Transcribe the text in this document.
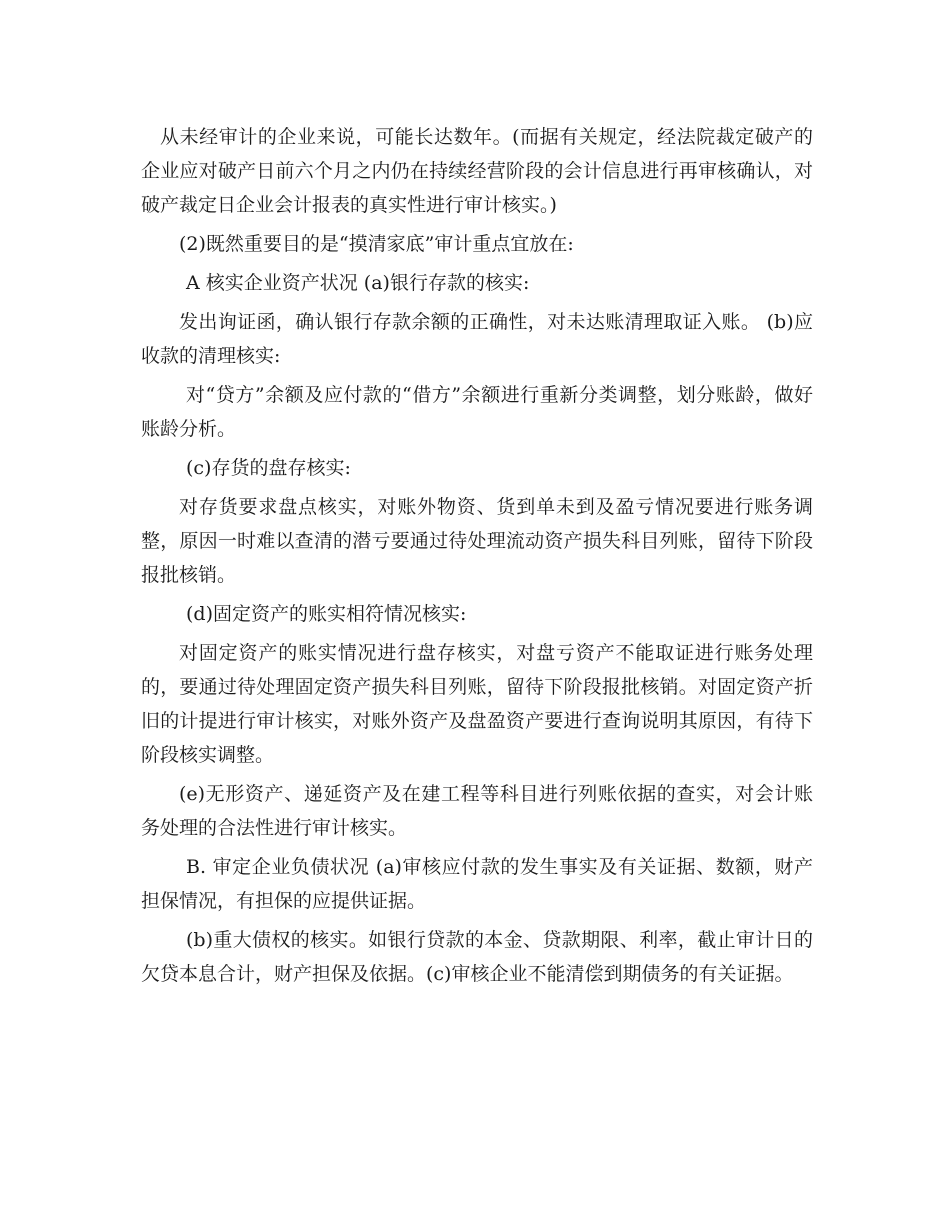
从未经审计的企业来说，可能长达数年。(而据有关规定，经法院裁定破产的企业应对破产日前六个月之内仍在持续经营阶段的会计信息进行再审核确认，对破产裁定日企业会计报表的真实性进行审计核实。)

(2)既然重要目的是“摸清家底”审计重点宜放在:

A 核实企业资产状况 (a)银行存款的核实:

发出询证函，确认银行存款余额的正确性，对未达账清理取证入账。 (b)应收款的清理核实:

对“贷方”余额及应付款的“借方”余额进行重新分类调整，划分账龄，做好账龄分析。

(c)存货的盘存核实:

对存货要求盘点核实，对账外物资、货到单未到及盈亏情况要进行账务调整，原因一时难以查清的潜亏要通过待处理流动资产损失科目列账，留待下阶段报批核销。

(d)固定资产的账实相符情况核实:

对固定资产的账实情况进行盘存核实，对盘亏资产不能取证进行账务处理的，要通过待处理固定资产损失科目列账，留待下阶段报批核销。对固定资产折旧的计提进行审计核实，对账外资产及盘盈资产要进行查询说明其原因，有待下阶段核实调整。

(e)无形资产、递延资产及在建工程等科目进行列账依据的查实，对会计账务处理的合法性进行审计核实。

B. 审定企业负债状况 (a)审核应付款的发生事实及有关证据、数额，财产担保情况，有担保的应提供证据。

(b)重大债权的核实。如银行贷款的本金、贷款期限、利率，截止审计日的欠贷本息合计，财产担保及依据。(c)审核企业不能清偿到期债务的有关证据。
